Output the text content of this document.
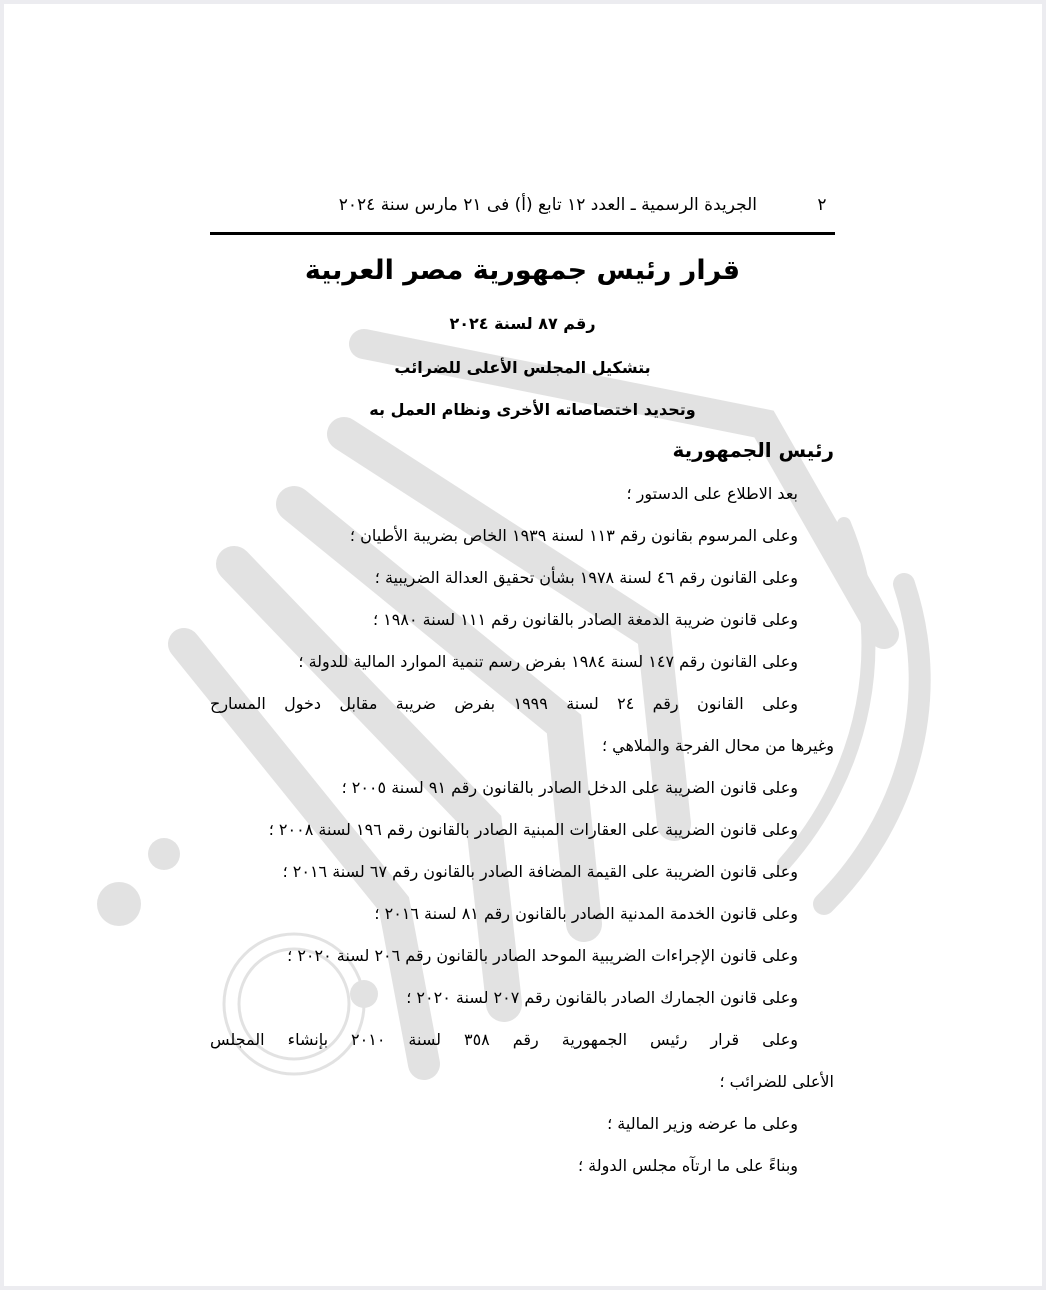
٢
الجريدة الرسمية ـ العدد ١٢ تابع (أ) فى ٢١ مارس سنة ٢٠٢٤
قرار رئيس جمهورية مصر العربية
رقم ٨٧ لسنة ٢٠٢٤
بتشكيل المجلس الأعلى للضرائب
وتحديد اختصاصاته الأخرى ونظام العمل به
رئيس الجمهورية
بعد الاطلاع على الدستور ؛
وعلى المرسوم بقانون رقم ١١٣ لسنة ١٩٣٩ الخاص بضريبة الأطيان ؛
وعلى القانون رقم ٤٦ لسنة ١٩٧٨ بشأن تحقيق العدالة الضريبية ؛
وعلى قانون ضريبة الدمغة الصادر بالقانون رقم ١١١ لسنة ١٩٨٠ ؛
وعلى القانون رقم ١٤٧ لسنة ١٩٨٤ بفرض رسم تنمية الموارد المالية للدولة ؛
وعلى القانون رقم ٢٤ لسنة ١٩٩٩ بفرض ضريبة مقابل دخول المسارح
وغيرها من محال الفرجة والملاهي ؛
وعلى قانون الضريبة على الدخل الصادر بالقانون رقم ٩١ لسنة ٢٠٠٥ ؛
وعلى قانون الضريبة على العقارات المبنية الصادر بالقانون رقم ١٩٦ لسنة ٢٠٠٨ ؛
وعلى قانون الضريبة على القيمة المضافة الصادر بالقانون رقم ٦٧ لسنة ٢٠١٦ ؛
وعلى قانون الخدمة المدنية الصادر بالقانون رقم ٨١ لسنة ٢٠١٦ ؛
وعلى قانون الإجراءات الضريبية الموحد الصادر بالقانون رقم ٢٠٦ لسنة ٢٠٢٠ ؛
وعلى قانون الجمارك الصادر بالقانون رقم ٢٠٧ لسنة ٢٠٢٠ ؛
وعلى قرار رئيس الجمهورية رقم ٣٥٨ لسنة ٢٠١٠ بإنشاء المجلس
الأعلى للضرائب ؛
وعلى ما عرضه وزير المالية ؛
وبناءً على ما ارتآه مجلس الدولة ؛
